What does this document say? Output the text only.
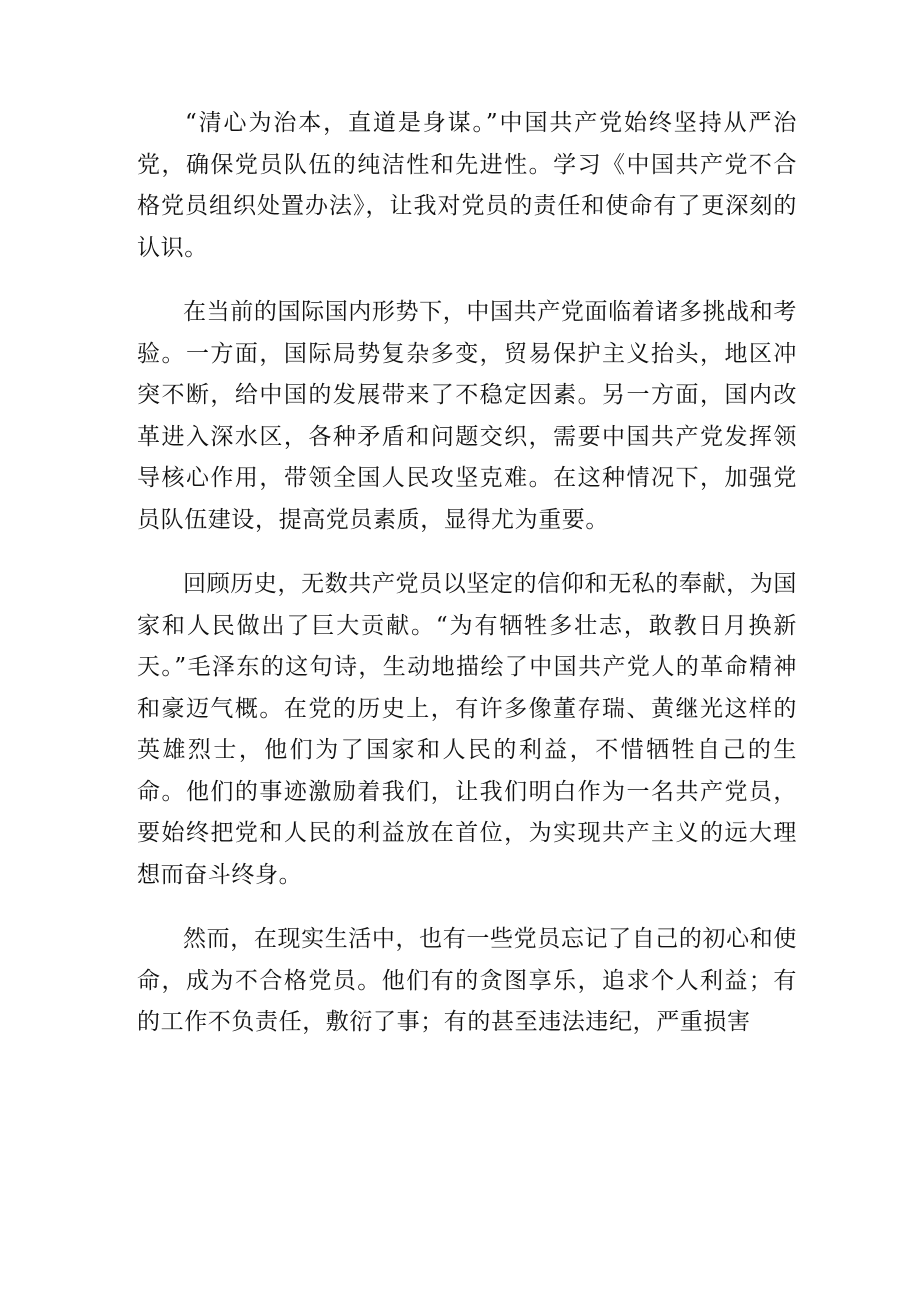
“清心为治本，直道是身谋。”中国共产党始终坚持从严治党，确保党员队伍的纯洁性和先进性。学习《中国共产党不合格党员组织处置办法》，让我对党员的责任和使命有了更深刻的认识。

在当前的国际国内形势下，中国共产党面临着诸多挑战和考验。一方面，国际局势复杂多变，贸易保护主义抬头，地区冲突不断，给中国的发展带来了不稳定因素。另一方面，国内改革进入深水区，各种矛盾和问题交织，需要中国共产党发挥领导核心作用，带领全国人民攻坚克难。在这种情况下，加强党员队伍建设，提高党员素质，显得尤为重要。

回顾历史，无数共产党员以坚定的信仰和无私的奉献，为国家和人民做出了巨大贡献。“为有牺牲多壮志，敢教日月换新天。”毛泽东的这句诗，生动地描绘了中国共产党人的革命精神和豪迈气概。在党的历史上，有许多像董存瑞、黄继光这样的英雄烈士，他们为了国家和人民的利益，不惜牺牲自己的生命。他们的事迹激励着我们，让我们明白作为一名共产党员，要始终把党和人民的利益放在首位，为实现共产主义的远大理想而奋斗终身。

然而，在现实生活中，也有一些党员忘记了自己的初心和使命，成为不合格党员。他们有的贪图享乐，追求个人利益；有的工作不负责任，敷衍了事；有的甚至违法违纪，严重损害
